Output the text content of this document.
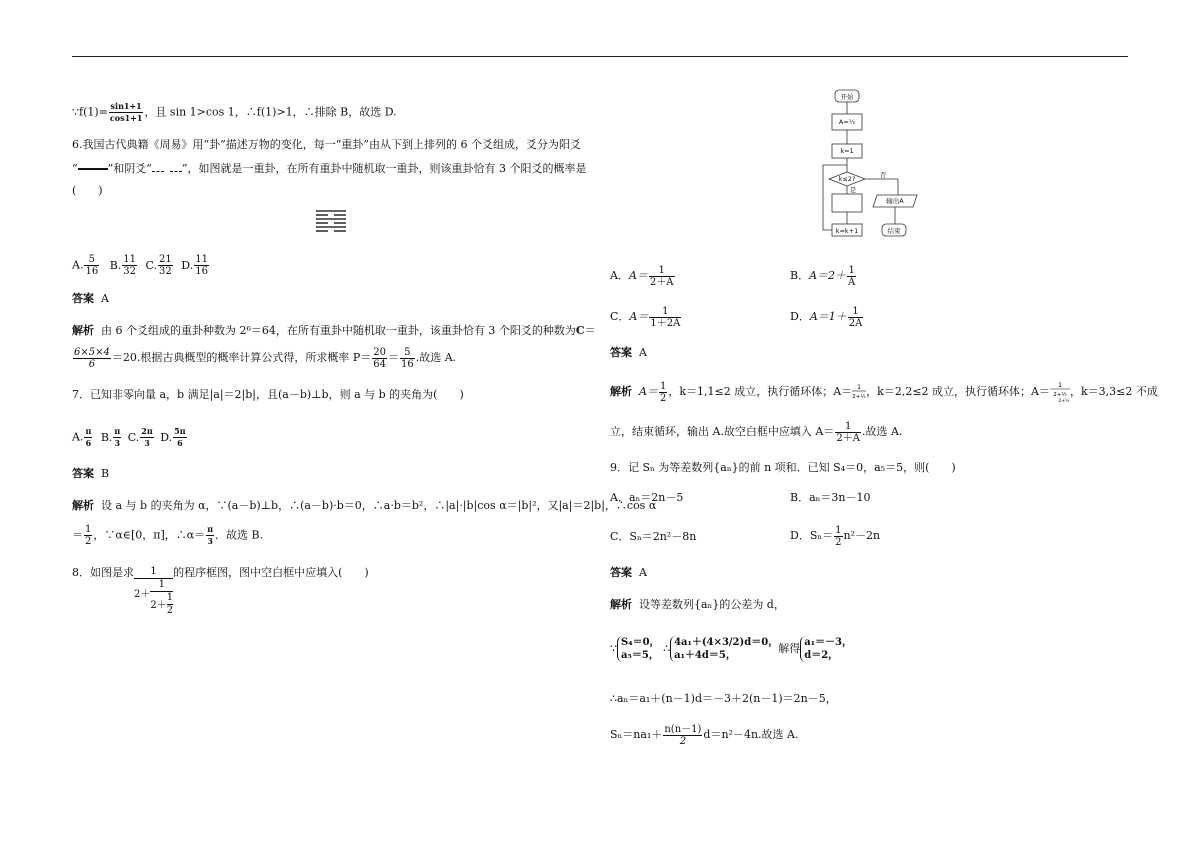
∵f(1)= $\frac{\sin 1+1}{\cos 1+1}$ ，且 sin 1>cos 1，∴f(1)>1，∴排除 B，故选 D.
6.我国古代典籍《周易》用“卦”描述万物的变化，每一“重卦”由从下到上排列的 6 个爻组成，爻分为阳爻
“	”和阴爻“	”，如图就是一重卦，在所有重卦中随机取一重卦，则该重卦恰有 3 个阳爻的概率是
(　　)
A. $\frac{5}{16} B$. $\frac{11}{32} C$. $\frac{21}{32} D$. $\frac{11}{16}$
答案 A
解析 由 6 个爻组成的重卦种数为 2⁶＝64，在所有重卦中随机取一重卦，该重卦恰有 3 个阳爻的种数为C＝
$\frac{6\times 5\times 4}{6} =20$.根据古典概型的概率计算公式得，所求概率 $P= \frac{20}{64} = \frac{5}{16}$ .故选 A.
7．已知非零向量 a，b 满足|a|＝2|b|，且(a－b)⊥b，则 a 与 b 的夹角为(　　)
A. $\frac{\pi}{6} B$. $\frac{\pi}{3} C$. $\frac{2\pi}{3} D$. $\frac{5\pi}{6}$
答案 B
解析 设 a 与 b 的夹角为 α，∵(a－b)⊥b，∴(a－b)·b＝0，∴a·b＝b²，∴|a|·|b|cos α＝|b|²，又|a|＝2|b|，∴cos α
＝ $\frac{1}{2}$ ，∵α∈[0，π]，∴α＝ $\frac{\pi}{3}$ ．故选 B.
8．如图是求 $\frac{1}{2+ \frac{1}{2+ \frac{1}{2}}}$ 的程序框图，图中空白框中应填入(　　)
开始
A=½
k=1
k≤2?
是
否
输出A
k=k+1	结束
A．$A= \frac{1}{2+A}$	B．$A=2+ \frac{1}{A}$
C．$A= \frac{1}{1+2A}$	D．$A=1+ \frac{1}{2A}$
答案 A
解析 $A= \frac{1}{2}$ ，k＝1,1≤2 成立，执行循环体；A＝ 1
2+½ ，k＝2,2≤2 成立，执行循环体；A＝ 1
2+⅕
2+½
，k＝3,3≤2 不成
立，结束循环，输出 A.故空白框中应填入 $A= \frac{1}{2+A}$ .故选 A.
9．记 Sₙ 为等差数列{aₙ}的前 n 项和．已知 S₄＝0，a₅＝5，则(　　)
A．aₙ＝2n－5	B．aₙ＝3n－10
C．Sₙ＝2n²－8n	D．$S_n= \frac{1}{2} n^2-2n$
答案 A
解析 设等差数列{aₙ}的公差为 d，
∵ S₄＝0，
a₅＝5，
∴ 4a₁＋(4×3/2)d＝0，
a₁＋4d＝5，
解得 a₁＝－3，
d＝2，
∴aₙ＝a₁＋(n－1)d＝－3＋2(n－1)＝2n－5，
$S_n=na_1+ \frac{n(n-1)}{2} d=n^2-4n$.故选 A.
